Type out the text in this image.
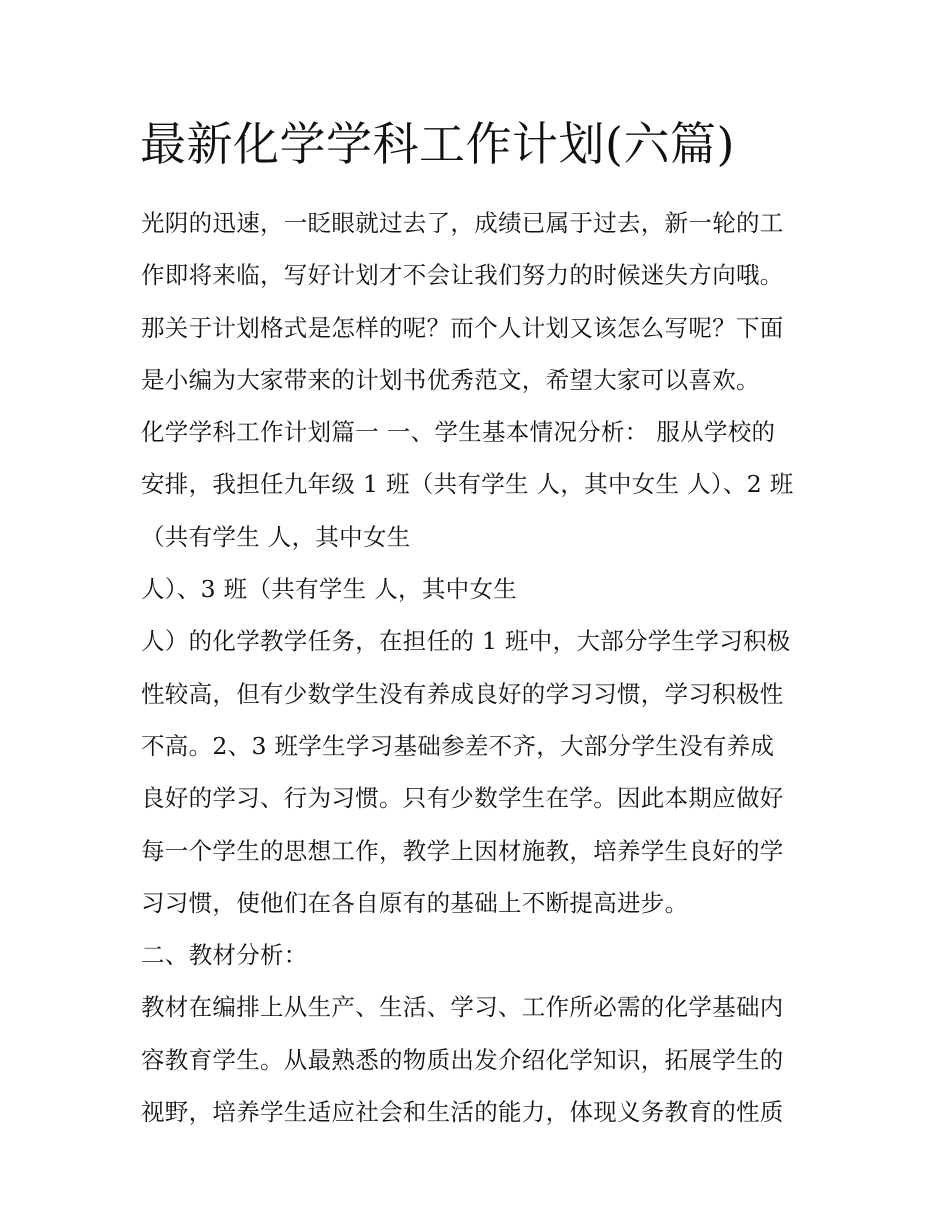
最新化学学科工作计划(六篇)
光阴的迅速，一眨眼就过去了，成绩已属于过去，新一轮的工
作即将来临，写好计划才不会让我们努力的时候迷失方向哦。
那关于计划格式是怎样的呢？而个人计划又该怎么写呢？下面
是小编为大家带来的计划书优秀范文，希望大家可以喜欢。
化学学科工作计划篇一 一、学生基本情况分析： 服从学校的
安排，我担任九年级 1 班（共有学生 人，其中女生 人）、2 班
（共有学生 人，其中女生
人）、3 班（共有学生 人，其中女生
人）的化学教学任务，在担任的 1 班中，大部分学生学习积极
性较高，但有少数学生没有养成良好的学习习惯，学习积极性
不高。2、3 班学生学习基础参差不齐，大部分学生没有养成
良好的学习、行为习惯。只有少数学生在学。因此本期应做好
每一个学生的思想工作，教学上因材施教，培养学生良好的学
习习惯，使他们在各自原有的基础上不断提高进步。
二、教材分析：
教材在编排上从生产、生活、学习、工作所必需的化学基础内
容教育学生。从最熟悉的物质出发介绍化学知识，拓展学生的
视野，培养学生适应社会和生活的能力，体现义务教育的性质
